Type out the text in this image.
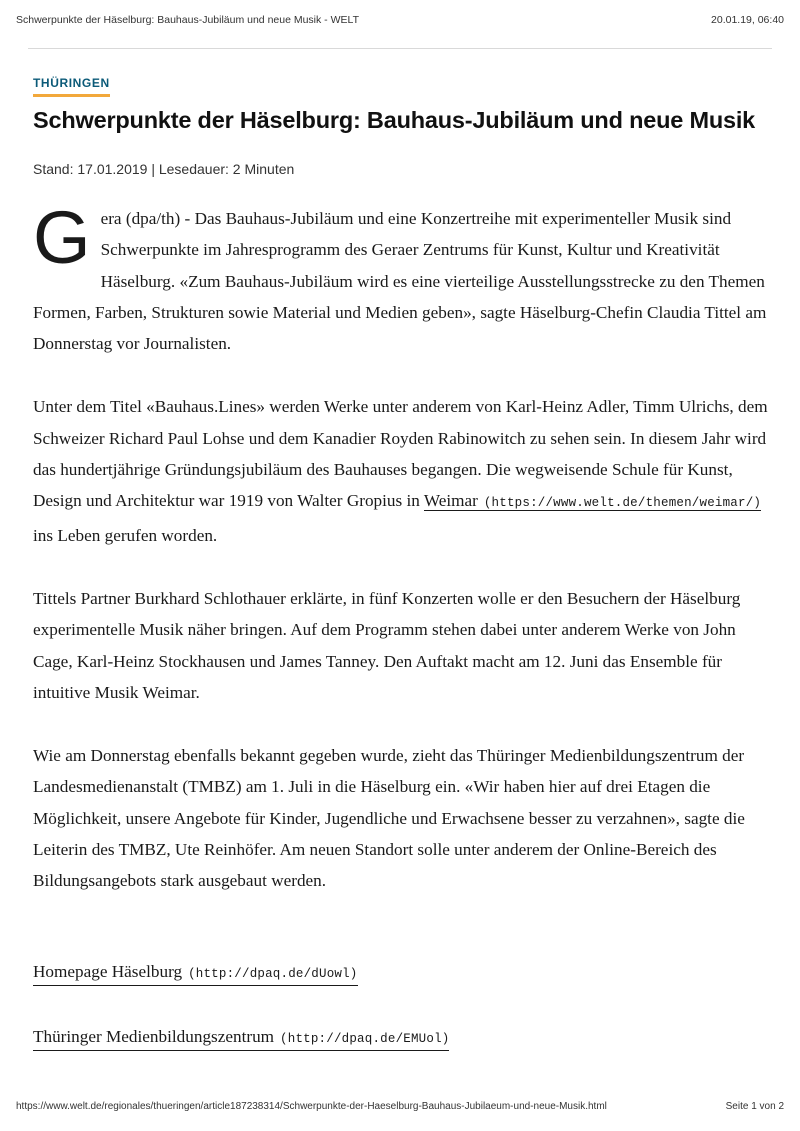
Schwerpunkte der Häselburg: Bauhaus-Jubiläum und neue Musik - WELT	20.01.19, 06:40
THÜRINGEN
Schwerpunkte der Häselburg: Bauhaus-Jubiläum und neue Musik
Stand: 17.01.2019 | Lesedauer: 2 Minuten

Gera (dpa/th) - Das Bauhaus-Jubiläum und eine Konzertreihe mit experimenteller Musik sind Schwerpunkte im Jahresprogramm des Geraer Zentrums für Kunst, Kultur und Kreativität Häselburg. «Zum Bauhaus-Jubiläum wird es eine vierteilige Ausstellungsstrecke zu den Themen Formen, Farben, Strukturen sowie Material und Medien geben», sagte Häselburg-Chefin Claudia Tittel am Donnerstag vor Journalisten.

Unter dem Titel «Bauhaus.Lines» werden Werke unter anderem von Karl-Heinz Adler, Timm Ulrichs, dem Schweizer Richard Paul Lohse und dem Kanadier Royden Rabinowitch zu sehen sein. In diesem Jahr wird das hundertjährige Gründungsjubiläum des Bauhauses begangen. Die wegweisende Schule für Kunst, Design und Architektur war 1919 von Walter Gropius in Weimar (https://www.welt.de/themen/weimar/) ins Leben gerufen worden.

Tittels Partner Burkhard Schlothauer erklärte, in fünf Konzerten wolle er den Besuchern der Häselburg experimentelle Musik näher bringen. Auf dem Programm stehen dabei unter anderem Werke von John Cage, Karl-Heinz Stockhausen und James Tanney. Den Auftakt macht am 12. Juni das Ensemble für intuitive Musik Weimar.

Wie am Donnerstag ebenfalls bekannt gegeben wurde, zieht das Thüringer Medienbildungszentrum der Landesmedienanstalt (TMBZ) am 1. Juli in die Häselburg ein. «Wir haben hier auf drei Etagen die Möglichkeit, unsere Angebote für Kinder, Jugendliche und Erwachsene besser zu verzahnen», sagte die Leiterin des TMBZ, Ute Reinhöfer. Am neuen Standort solle unter anderem der Online-Bereich des Bildungsangebots stark ausgebaut werden.

Homepage Häselburg (http://dpaq.de/dUowl)
Thüringer Medienbildungszentrum (http://dpaq.de/EMUol)
https://www.welt.de/regionales/thueringen/article187238314/Schwerpunkte-der-Haeselburg-Bauhaus-Jubilaeum-und-neue-Musik.html	Seite 1 von 2
